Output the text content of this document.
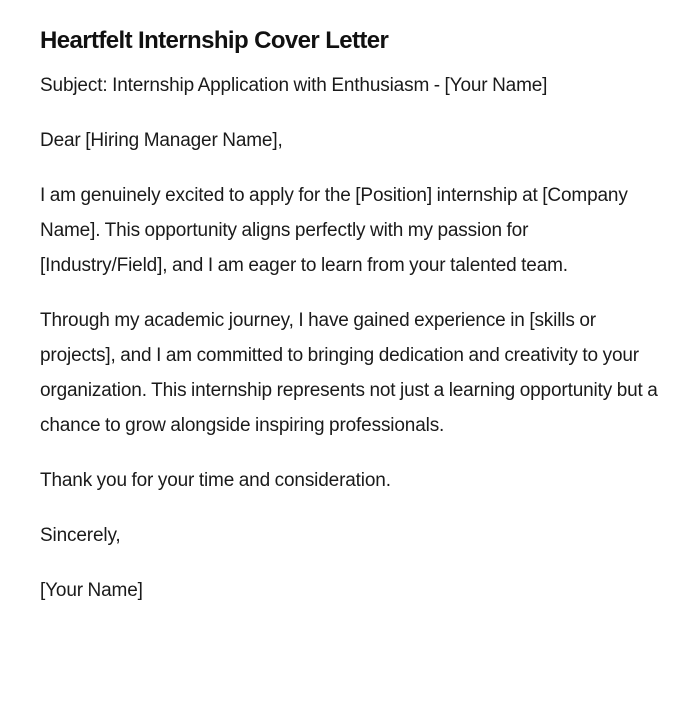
Heartfelt Internship Cover Letter

Subject: Internship Application with Enthusiasm - [Your Name]

Dear [Hiring Manager Name],

I am genuinely excited to apply for the [Position] internship at [Company Name]. This opportunity aligns perfectly with my passion for [Industry/Field], and I am eager to learn from your talented team.

Through my academic journey, I have gained experience in [skills or projects], and I am committed to bringing dedication and creativity to your organization. This internship represents not just a learning opportunity but a chance to grow alongside inspiring professionals.

Thank you for your time and consideration.

Sincerely,

[Your Name]
